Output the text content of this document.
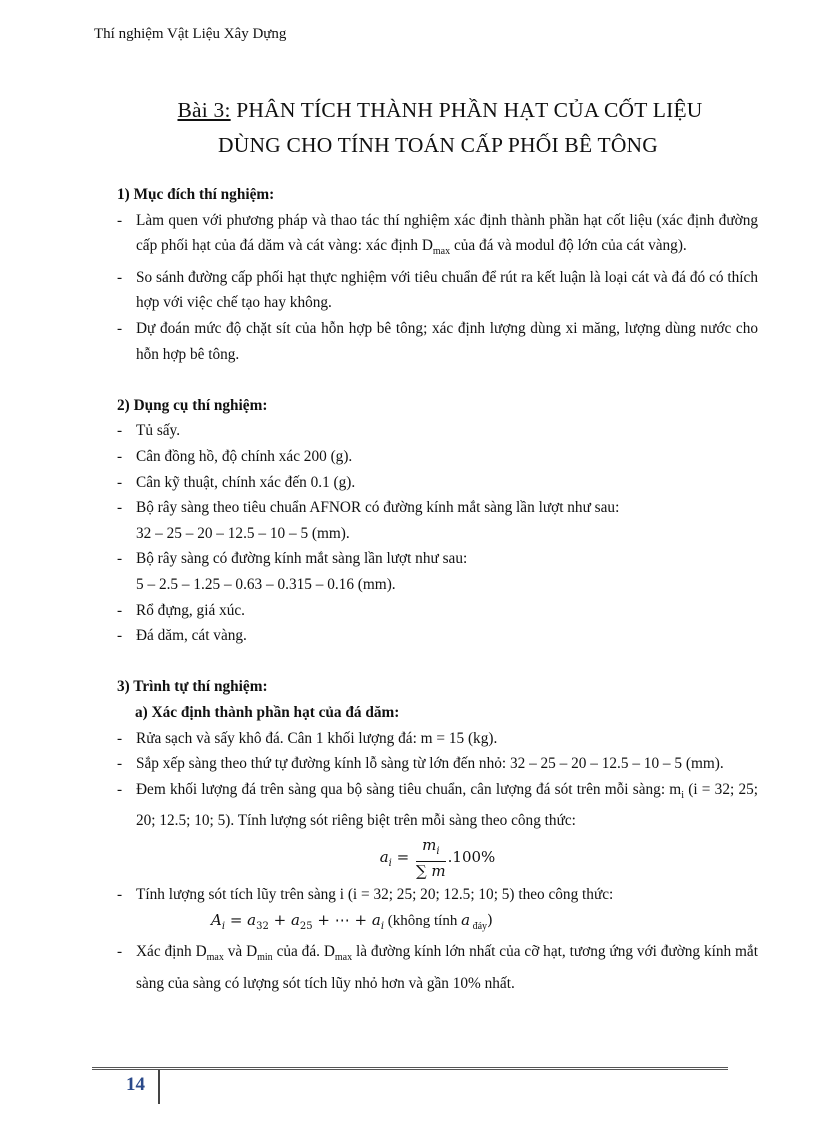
Thí nghiệm Vật Liệu Xây Dựng
Bài 3: PHÂN TÍCH THÀNH PHẦN HẠT CỦA CỐT LIỆU
DÙNG CHO TÍNH TOÁN CẤP PHỐI BÊ TÔNG

1) Mục đích thí nghiệm:

- Làm quen với phương pháp và thao tác thí nghiệm xác định thành phần hạt cốt liệu (xác định đường cấp phối hạt của đá dăm và cát vàng: xác định $D_{max}$ của đá và modul độ lớn của cát vàng).
- So sánh đường cấp phối hạt thực nghiệm với tiêu chuẩn để rút ra kết luận là loại cát và đá đó có thích hợp với việc chế tạo hay không.
- Dự đoán mức độ chặt sít của hỗn hợp bê tông; xác định lượng dùng xi măng, lượng dùng nước cho hỗn hợp bê tông.

2) Dụng cụ thí nghiệm:

- Tủ sấy.
- Cân đồng hồ, độ chính xác 200 (g).
- Cân kỹ thuật, chính xác đến 0.1 (g).
- Bộ rây sàng theo tiêu chuẩn AFNOR có đường kính mắt sàng lần lượt như sau:
32 – 25 – 20 – 12.5 – 10 – 5 (mm).
- Bộ rây sàng có đường kính mắt sàng lần lượt như sau:
5 – 2.5 – 1.25 – 0.63 – 0.315 – 0.16 (mm).
- Rổ đựng, giá xúc.
- Đá dăm, cát vàng.

3) Trình tự thí nghiệm:

a) Xác định thành phần hạt của đá dăm:
- Rửa sạch và sấy khô đá. Cân 1 khối lượng đá: m = 15 (kg).
- Sắp xếp sàng theo thứ tự đường kính lỗ sàng từ lớn đến nhỏ: 32 – 25 – 20 – 12.5 – 10 – 5 (mm).
- Đem khối lượng đá trên sàng qua bộ sàng tiêu chuẩn, cân lượng đá sót trên mỗi sàng: $m_i$ (i = 32; 25; 20; 12.5; 10; 5). Tính lượng sót riêng biệt trên mỗi sàng theo công thức:
$a_i = \frac{m_i}{\sum m} .100\%$
- Tính lượng sót tích lũy trên sàng i (i = 32; 25; 20; 12.5; 10; 5) theo công thức:
$A_i = a_{32} + a_{25}$ + ⋯ + $a_i$ (không tính a $_{đáy}$)
- Xác định $D_{max}$ và $D_{min}$ của đá. $D_{max}$ là đường kính lớn nhất của cỡ hạt, tương ứng với đường kính mắt sàng của sàng có lượng sót tích lũy nhỏ hơn và gần 10% nhất.
14
